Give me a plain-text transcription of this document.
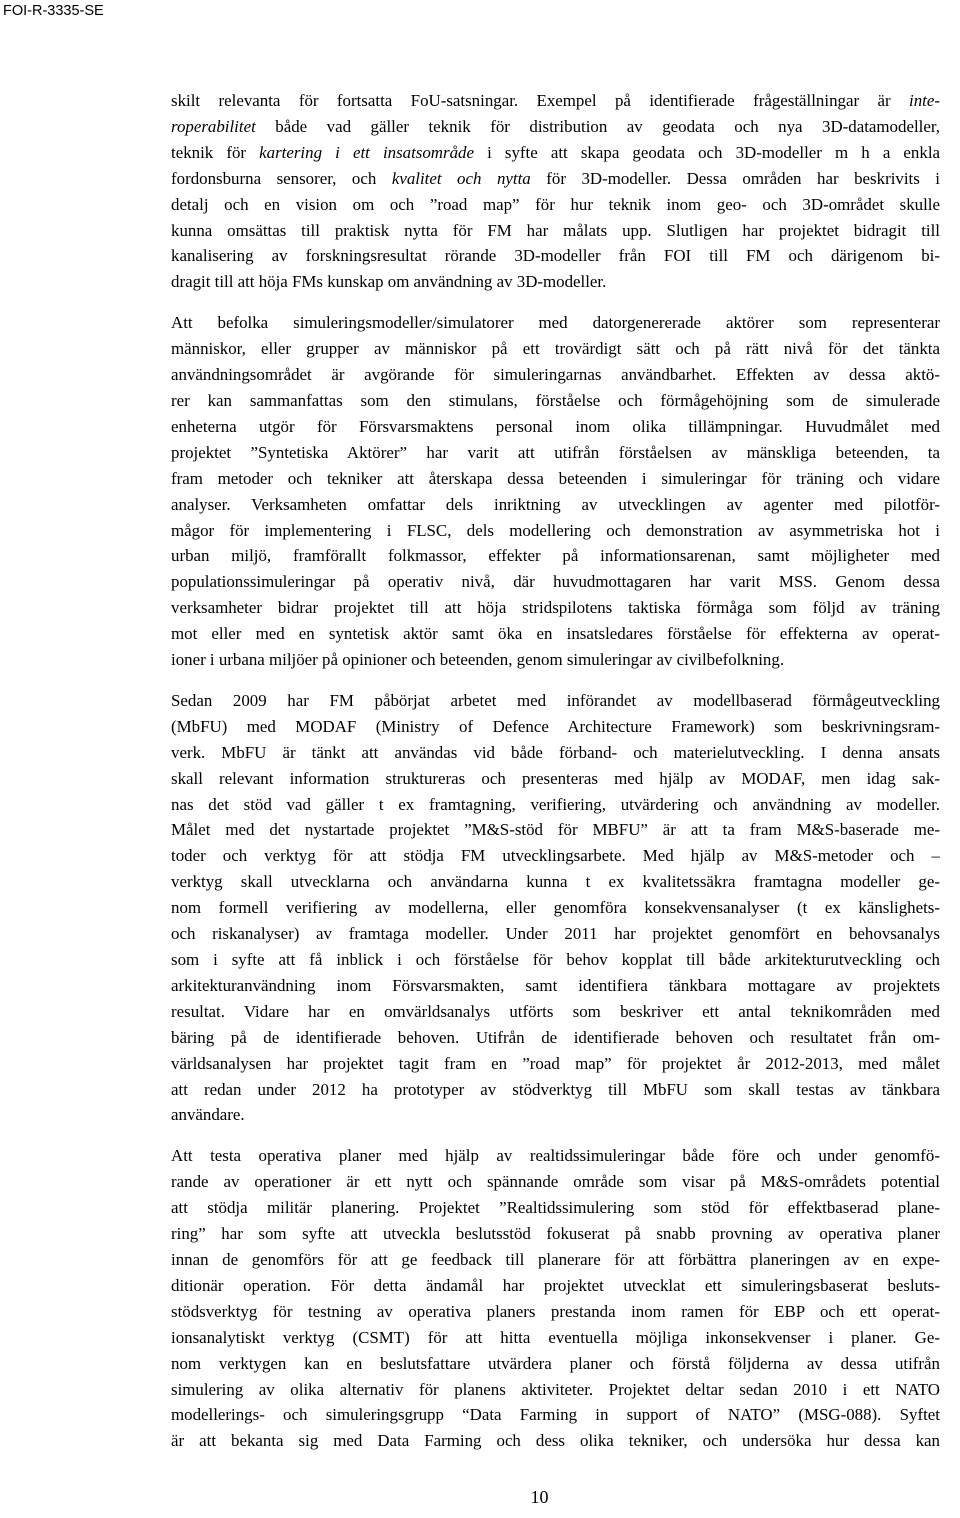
FOI-R-3335-SE
skilt relevanta för fortsatta FoU-satsningar. Exempel på identifierade frågeställningar är inte-
roperabilitet både vad gäller teknik för distribution av geodata och nya 3D-datamodeller,
teknik för kartering i ett insatsområde i syfte att skapa geodata och 3D-modeller m h a enkla
fordonsburna sensorer, och kvalitet och nytta för 3D-modeller. Dessa områden har beskrivits i
detalj och en vision om och ”road map” för hur teknik inom geo- och 3D-området skulle
kunna omsättas till praktisk nytta för FM har målats upp. Slutligen har projektet bidragit till
kanalisering av forskningsresultat rörande 3D-modeller från FOI till FM och därigenom bi-
dragit till att höja FMs kunskap om användning av 3D-modeller.
Att befolka simuleringsmodeller/simulatorer med datorgenererade aktörer som representerar
människor, eller grupper av människor på ett trovärdigt sätt och på rätt nivå för det tänkta
användningsområdet är avgörande för simuleringarnas användbarhet. Effekten av dessa aktö-
rer kan sammanfattas som den stimulans, förståelse och förmågehöjning som de simulerade
enheterna utgör för Försvarsmaktens personal inom olika tillämpningar. Huvudmålet med
projektet ”Syntetiska Aktörer” har varit att utifrån förståelsen av mänskliga beteenden, ta
fram metoder och tekniker att återskapa dessa beteenden i simuleringar för träning och vidare
analyser. Verksamheten omfattar dels inriktning av utvecklingen av agenter med pilotför-
mågor för implementering i FLSC, dels modellering och demonstration av asymmetriska hot i
urban miljö, framförallt folkmassor, effekter på informationsarenan, samt möjligheter med
populationssimuleringar på operativ nivå, där huvudmottagaren har varit MSS. Genom dessa
verksamheter bidrar projektet till att höja stridspilotens taktiska förmåga som följd av träning
mot eller med en syntetisk aktör samt öka en insatsledares förståelse för effekterna av operat-
ioner i urbana miljöer på opinioner och beteenden, genom simuleringar av civilbefolkning.
Sedan 2009 har FM påbörjat arbetet med införandet av modellbaserad förmågeutveckling
(MbFU) med MODAF (Ministry of Defence Architecture Framework) som beskrivningsram-
verk. MbFU är tänkt att användas vid både förband- och materielutveckling. I denna ansats
skall relevant information struktureras och presenteras med hjälp av MODAF, men idag sak-
nas det stöd vad gäller t ex framtagning, verifiering, utvärdering och användning av modeller.
Målet med det nystartade projektet ”M&S-stöd för MBFU” är att ta fram M&S-baserade me-
toder och verktyg för att stödja FM utvecklingsarbete. Med hjälp av M&S-metoder och –
verktyg skall utvecklarna och användarna kunna t ex kvalitetssäkra framtagna modeller ge-
nom formell verifiering av modellerna, eller genomföra konsekvensanalyser (t ex känslighets-
och riskanalyser) av framtaga modeller. Under 2011 har projektet genomfört en behovsanalys
som i syfte att få inblick i och förståelse för behov kopplat till både arkitekturutveckling och
arkitekturanvändning inom Försvarsmakten, samt identifiera tänkbara mottagare av projektets
resultat. Vidare har en omvärldsanalys utförts som beskriver ett antal teknikområden med
bäring på de identifierade behoven. Utifrån de identifierade behoven och resultatet från om-
världsanalysen har projektet tagit fram en ”road map” för projektet år 2012-2013, med målet
att redan under 2012 ha prototyper av stödverktyg till MbFU som skall testas av tänkbara
användare.
Att testa operativa planer med hjälp av realtidssimuleringar både före och under genomfö-
rande av operationer är ett nytt och spännande område som visar på M&S-områdets potential
att stödja militär planering. Projektet ”Realtidssimulering som stöd för effektbaserad plane-
ring” har som syfte att utveckla beslutsstöd fokuserat på snabb provning av operativa planer
innan de genomförs för att ge feedback till planerare för att förbättra planeringen av en expe-
ditionär operation. För detta ändamål har projektet utvecklat ett simuleringsbaserat besluts-
stödsverktyg för testning av operativa planers prestanda inom ramen för EBP och ett operat-
ionsanalytiskt verktyg (CSMT) för att hitta eventuella möjliga inkonsekvenser i planer. Ge-
nom verktygen kan en beslutsfattare utvärdera planer och förstå följderna av dessa utifrån
simulering av olika alternativ för planens aktiviteter. Projektet deltar sedan 2010 i ett NATO
modellerings- och simuleringsgrupp “Data Farming in support of NATO” (MSG-088). Syftet
är att bekanta sig med Data Farming och dess olika tekniker, och undersöka hur dessa kan
10
